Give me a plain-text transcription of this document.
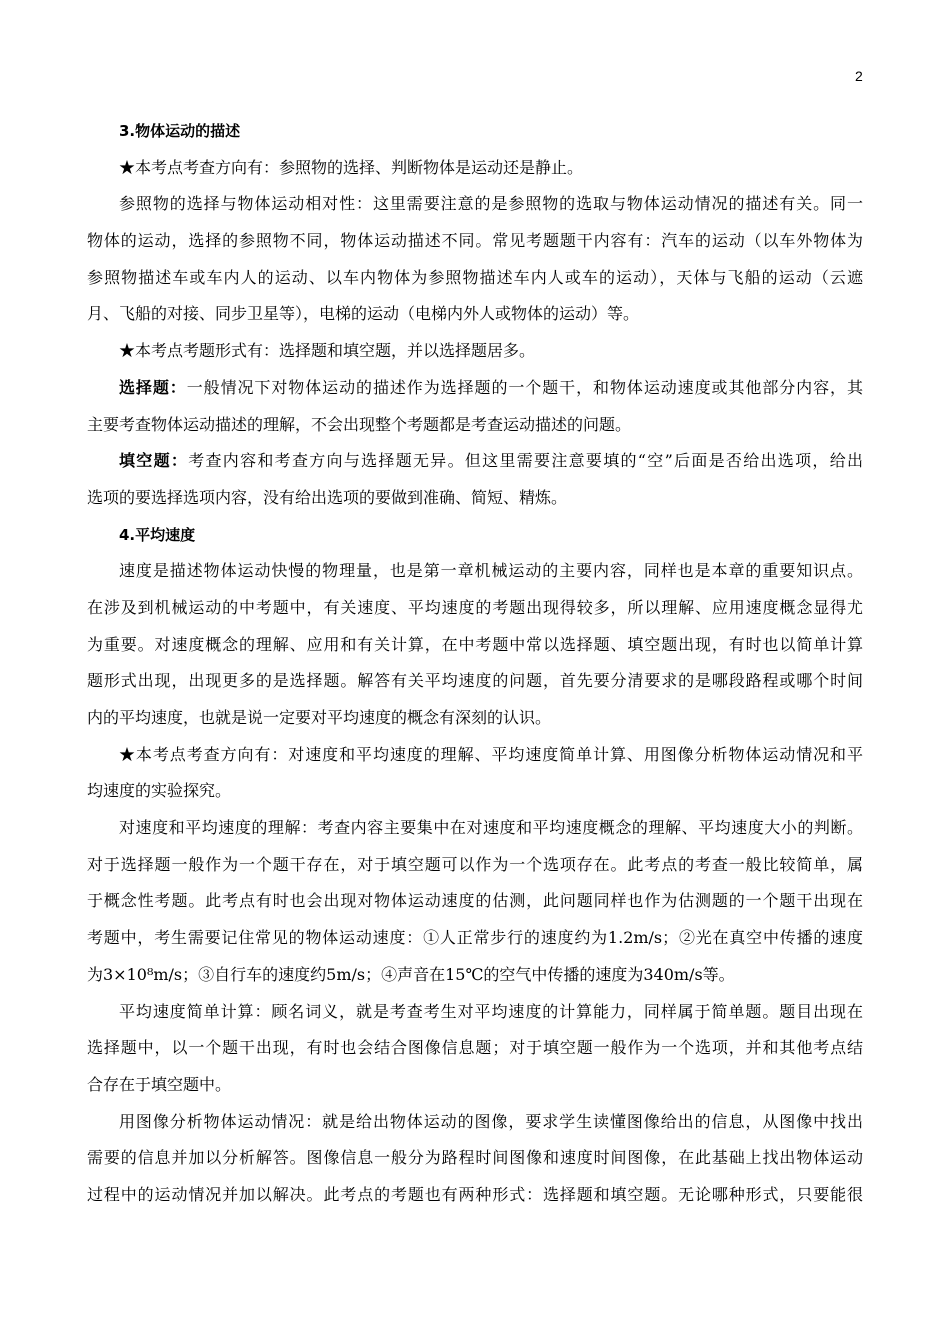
2
3.物体运动的描述
★本考点考查方向有：参照物的选择、判断物体是运动还是静止。
参照物的选择与物体运动相对性：这里需要注意的是参照物的选取与物体运动情况的描述有关。同一
物体的运动，选择的参照物不同，物体运动描述不同。常见考题题干内容有：汽车的运动（以车外物体为
参照物描述车或车内人的运动、以车内物体为参照物描述车内人或车的运动），天体与飞船的运动（云遮
月、飞船的对接、同步卫星等），电梯的运动（电梯内外人或物体的运动）等。
★本考点考题形式有：选择题和填空题，并以选择题居多。
选择题：一般情况下对物体运动的描述作为选择题的一个题干，和物体运动速度或其他部分内容，其
主要考查物体运动描述的理解，不会出现整个考题都是考查运动描述的问题。
填空题：考查内容和考查方向与选择题无异。但这里需要注意要填的“空”后面是否给出选项，给出
选项的要选择选项内容，没有给出选项的要做到准确、简短、精炼。
4.平均速度
速度是描述物体运动快慢的物理量，也是第一章机械运动的主要内容，同样也是本章的重要知识点。
在涉及到机械运动的中考题中，有关速度、平均速度的考题出现得较多，所以理解、应用速度概念显得尤
为重要。对速度概念的理解、应用和有关计算，在中考题中常以选择题、填空题出现，有时也以简单计算
题形式出现，出现更多的是选择题。解答有关平均速度的问题，首先要分清要求的是哪段路程或哪个时间
内的平均速度，也就是说一定要对平均速度的概念有深刻的认识。
★本考点考查方向有：对速度和平均速度的理解、平均速度简单计算、用图像分析物体运动情况和平
均速度的实验探究。
对速度和平均速度的理解：考查内容主要集中在对速度和平均速度概念的理解、平均速度大小的判断。
对于选择题一般作为一个题干存在，对于填空题可以作为一个选项存在。此考点的考查一般比较简单，属
于概念性考题。此考点有时也会出现对物体运动速度的估测，此问题同样也作为估测题的一个题干出现在
考题中，考生需要记住常见的物体运动速度：①人正常步行的速度约为1.2m/s；②光在真空中传播的速度
为3×10⁸m/s；③自行车的速度约5m/s；④声音在15℃的空气中传播的速度为340m/s等。
平均速度简单计算：顾名词义，就是考查考生对平均速度的计算能力，同样属于简单题。题目出现在
选择题中，以一个题干出现，有时也会结合图像信息题；对于填空题一般作为一个选项，并和其他考点结
合存在于填空题中。
用图像分析物体运动情况：就是给出物体运动的图像，要求学生读懂图像给出的信息，从图像中找出
需要的信息并加以分析解答。图像信息一般分为路程时间图像和速度时间图像，在此基础上找出物体运动
过程中的运动情况并加以解决。此考点的考题也有两种形式：选择题和填空题。无论哪种形式，只要能很
